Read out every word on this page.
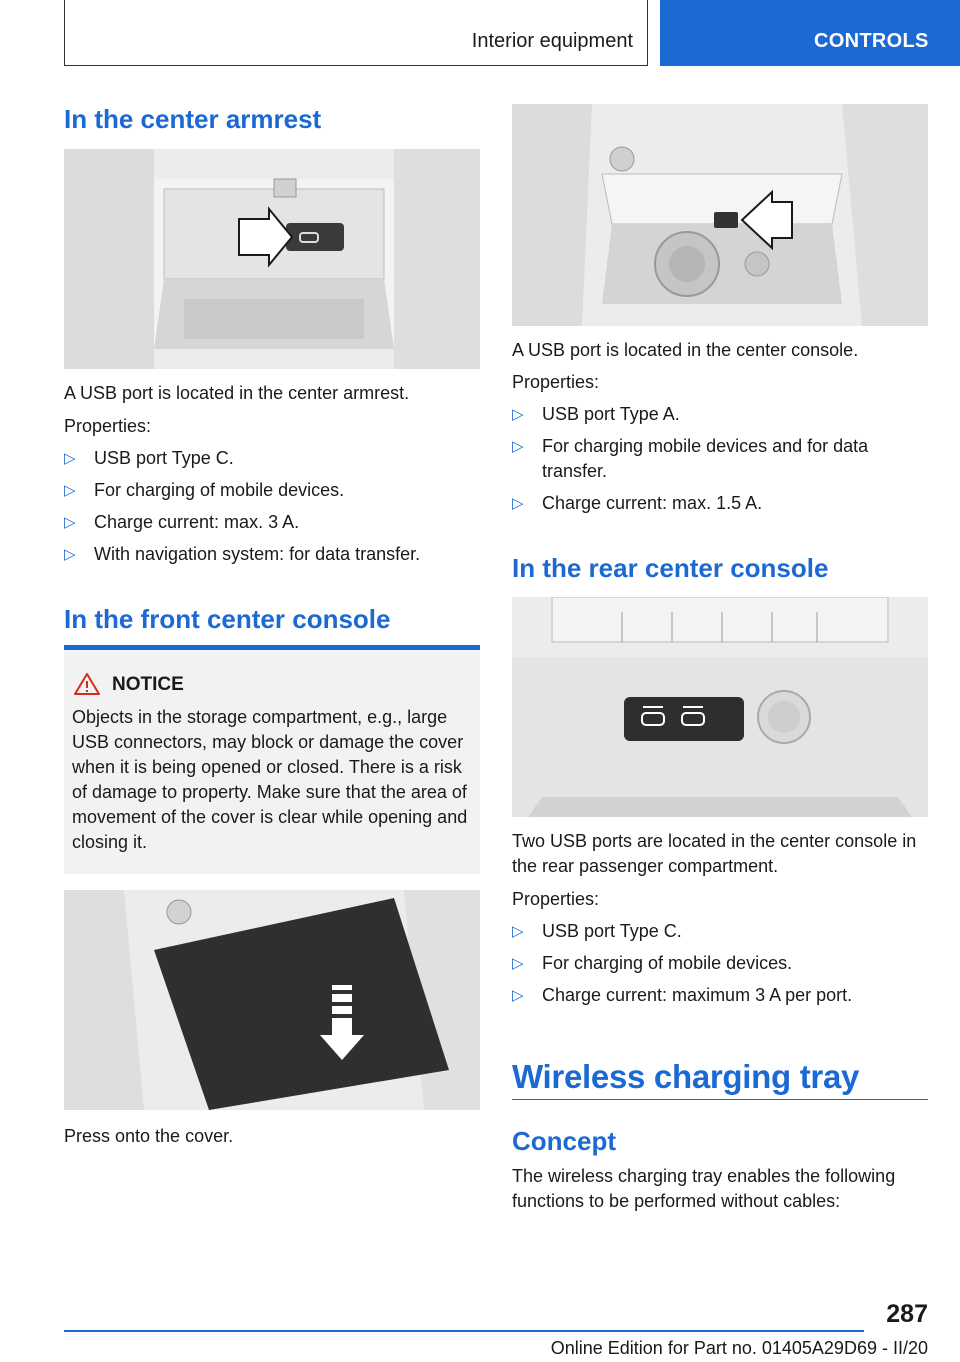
Interior equipment	CONTROLS
In the center armrest

A USB port is located in the center armrest.

Properties:

▷ USB port Type C.
▷ For charging of mobile devices.
▷ Charge current: max. 3 A.
▷ With navigation system: for data transfer.
In the front center console
NOTICE

Objects in the storage compartment, e.g., large USB connectors, may block or damage the cover when it is being opened or closed. There is a risk of damage to property. Make sure that the area of movement of the cover is clear while opening and closing it.

Press onto the cover.

A USB port is located in the center console.

Properties:

▷ USB port Type A.
▷ For charging mobile devices and for data transfer.
▷ Charge current: max. 1.5 A.
In the rear center console

Two USB ports are located in the center console in the rear passenger compartment.

Properties:

▷ USB port Type C.
▷ For charging of mobile devices.
▷ Charge current: maximum 3 A per port.
Wireless charging tray
Concept

The wireless charging tray enables the following functions to be performed without cables:

287
Online Edition for Part no. 01405A29D69 - II/20
